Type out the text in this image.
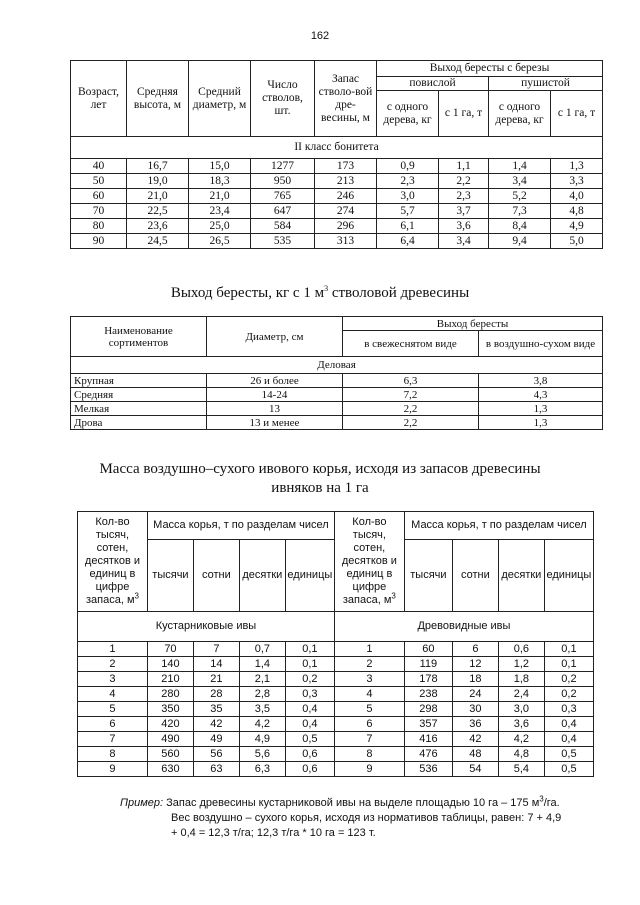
162
Возраст, лет	Средняя высота, м	Средний диаметр, м	Число стволов, шт.	Запас стволо-вой дре-весины, м	Выход бересты с березы			
					повислой		пушистой	
					с одного дерева, кг	с 1 га, т	с одного дерева, кг	с 1 га, т
II класс бонитета								
40	16,7	15,0	1277	173	0,9	1,1	1,4	1,3
50	19,0	18,3	950	213	2,3	2,2	3,4	3,3
60	21,0	21,0	765	246	3,0	2,3	5,2	4,0
70	22,5	23,4	647	274	5,7	3,7	7,3	4,8
80	23,6	25,0	584	296	6,1	3,6	8,4	4,9
90	24,5	26,5	535	313	6,4	3,4	9,4	5,0
Выход бересты, кг с 1 $м^3$ стволовой древесины
Наименование сортиментов	Диаметр, см	Выход бересты	
		в свежеснятом виде	в воздушно-сухом виде
Деловая			
Крупная	26 и более	6,3	3,8
Средняя	14-24	7,2	4,3
Мелкая	13	2,2	1,3
Дрова	13 и менее	2,2	1,3
Масса воздушно–сухого ивового корья, исходя из запасов древесины
ивняков на 1 га
Кол-во тысяч, сотен, десятков и единиц в цифре запаса, $м^3$	Масса корья, т по разделам чисел				Кол-во тысяч, сотен, десятков и единиц в цифре запаса, $м^3$	Масса корья, т по разделам чисел			
	тысячи	сотни	десятки	единицы		тысячи	сотни	десятки	единицы
Кустарниковые ивы					Древовидные ивы				
1	70	7	0,7	0,1	1	60	6	0,6	0,1
2	140	14	1,4	0,1	2	119	12	1,2	0,1
3	210	21	2,1	0,2	3	178	18	1,8	0,2
4	280	28	2,8	0,3	4	238	24	2,4	0,2
5	350	35	3,5	0,4	5	298	30	3,0	0,3
6	420	42	4,2	0,4	6	357	36	3,6	0,4
7	490	49	4,9	0,5	7	416	42	4,2	0,4
8	560	56	5,6	0,6	8	476	48	4,8	0,5
9	630	63	6,3	0,6	9	536	54	5,4	0,5
Пример: Запас древесины кустарниковой ивы на выделе площадью 10 га – 175 $м^3/га$.
Вес воздушно – сухого корья, исходя из нормативов таблицы, равен: 7 + 4,9
+ 0,4 = 12,3 т/га; 12,3 т/га * 10 га = 123 т.
